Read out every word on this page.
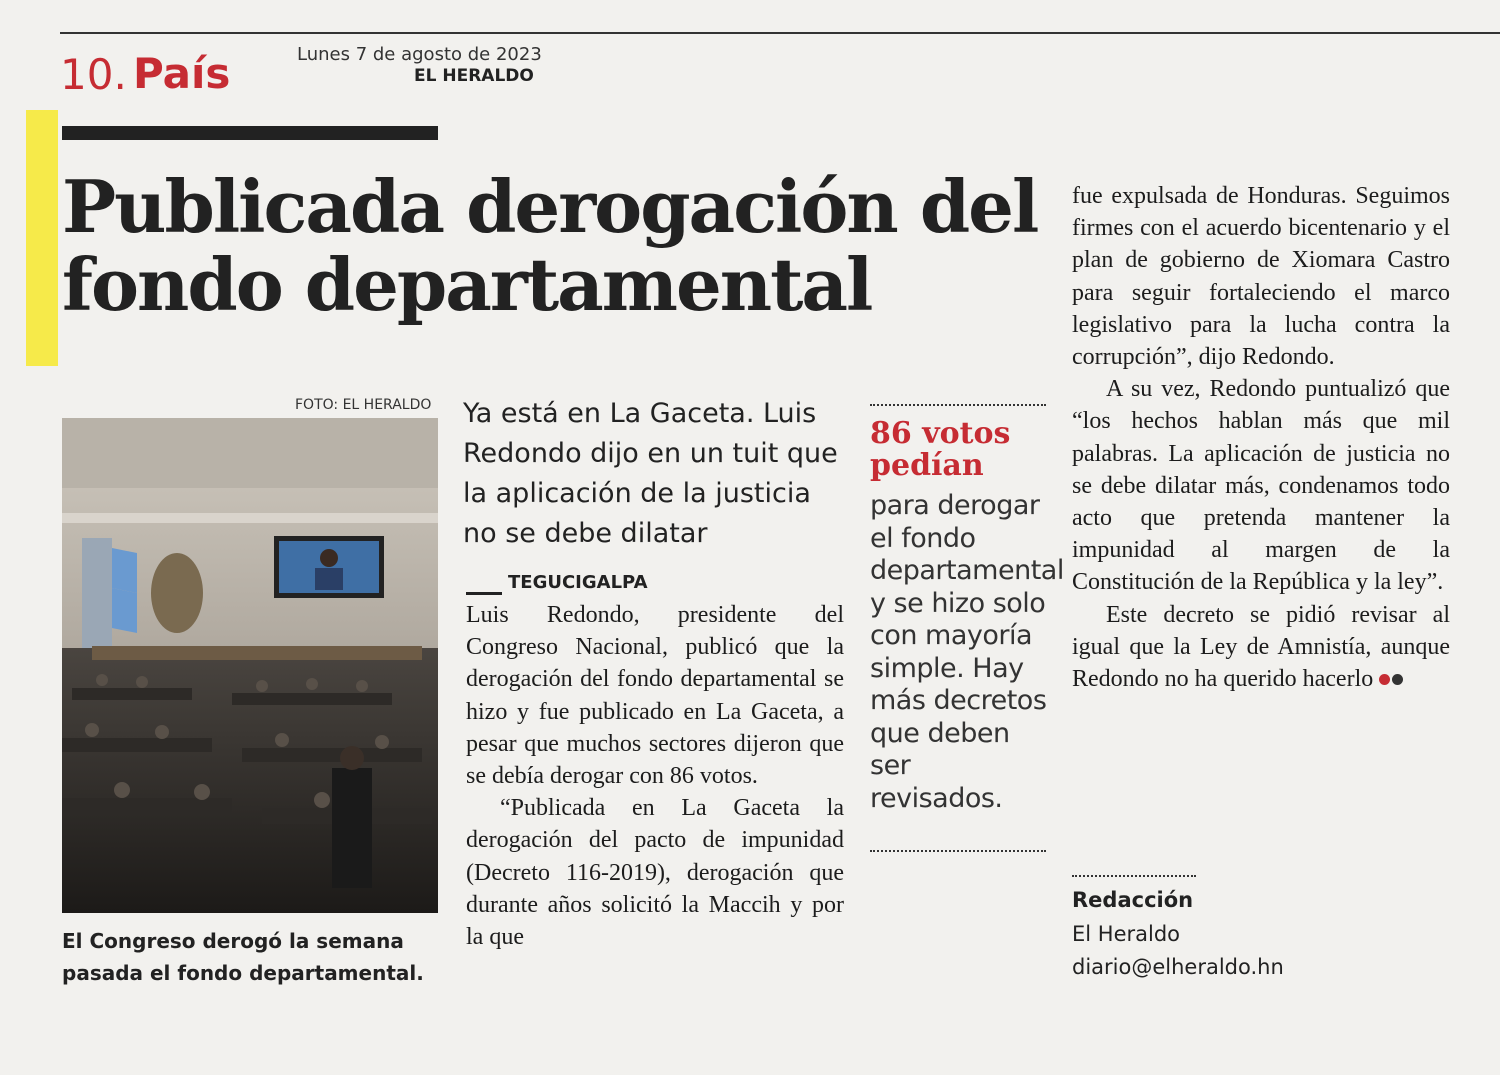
10. País	Lunes 7 de agosto de 2023
EL HERALDO
Publicada derogación del fondo departamental
FOTO: EL HERALDO
El Congreso derogó la semana pasada el fondo departamental.
Ya está en La Gaceta. Luis Redondo dijo en un tuit que la aplicación de la justicia no se debe dilatar
TEGUCIGALPA

Luis Redondo, presidente del Congreso Nacional, publicó que la derogación del fondo departamental se hizo y fue publicado en La Gaceta, a pesar que muchos sectores dijeron que se debía derogar con 86 votos.

“Publicada en La Gaceta la derogación del pacto de impunidad (Decreto 116-2019), derogación que durante años solicitó la Maccih y por la que

86 votos pedían
para derogar el fondo departamental y se hizo solo con mayoría simple. Hay más decretos que deben ser revisados.

fue expulsada de Honduras. Seguimos firmes con el acuerdo bicentenario y el plan de gobierno de Xiomara Castro para seguir fortaleciendo el marco legislativo para la lucha contra la corrupción”, dijo Redondo.

A su vez, Redondo puntualizó que “los hechos hablan más que mil palabras. La aplicación de justicia no se debe dilatar más, condenamos todo acto que pretenda mantener la impunidad al margen de la Constitución de la República y la ley”.

Este decreto se pidió revisar al igual que la Ley de Amnistía, aunque Redondo no ha querido hacerlo

Redacción
El Heraldo
diario@elheraldo.hn
